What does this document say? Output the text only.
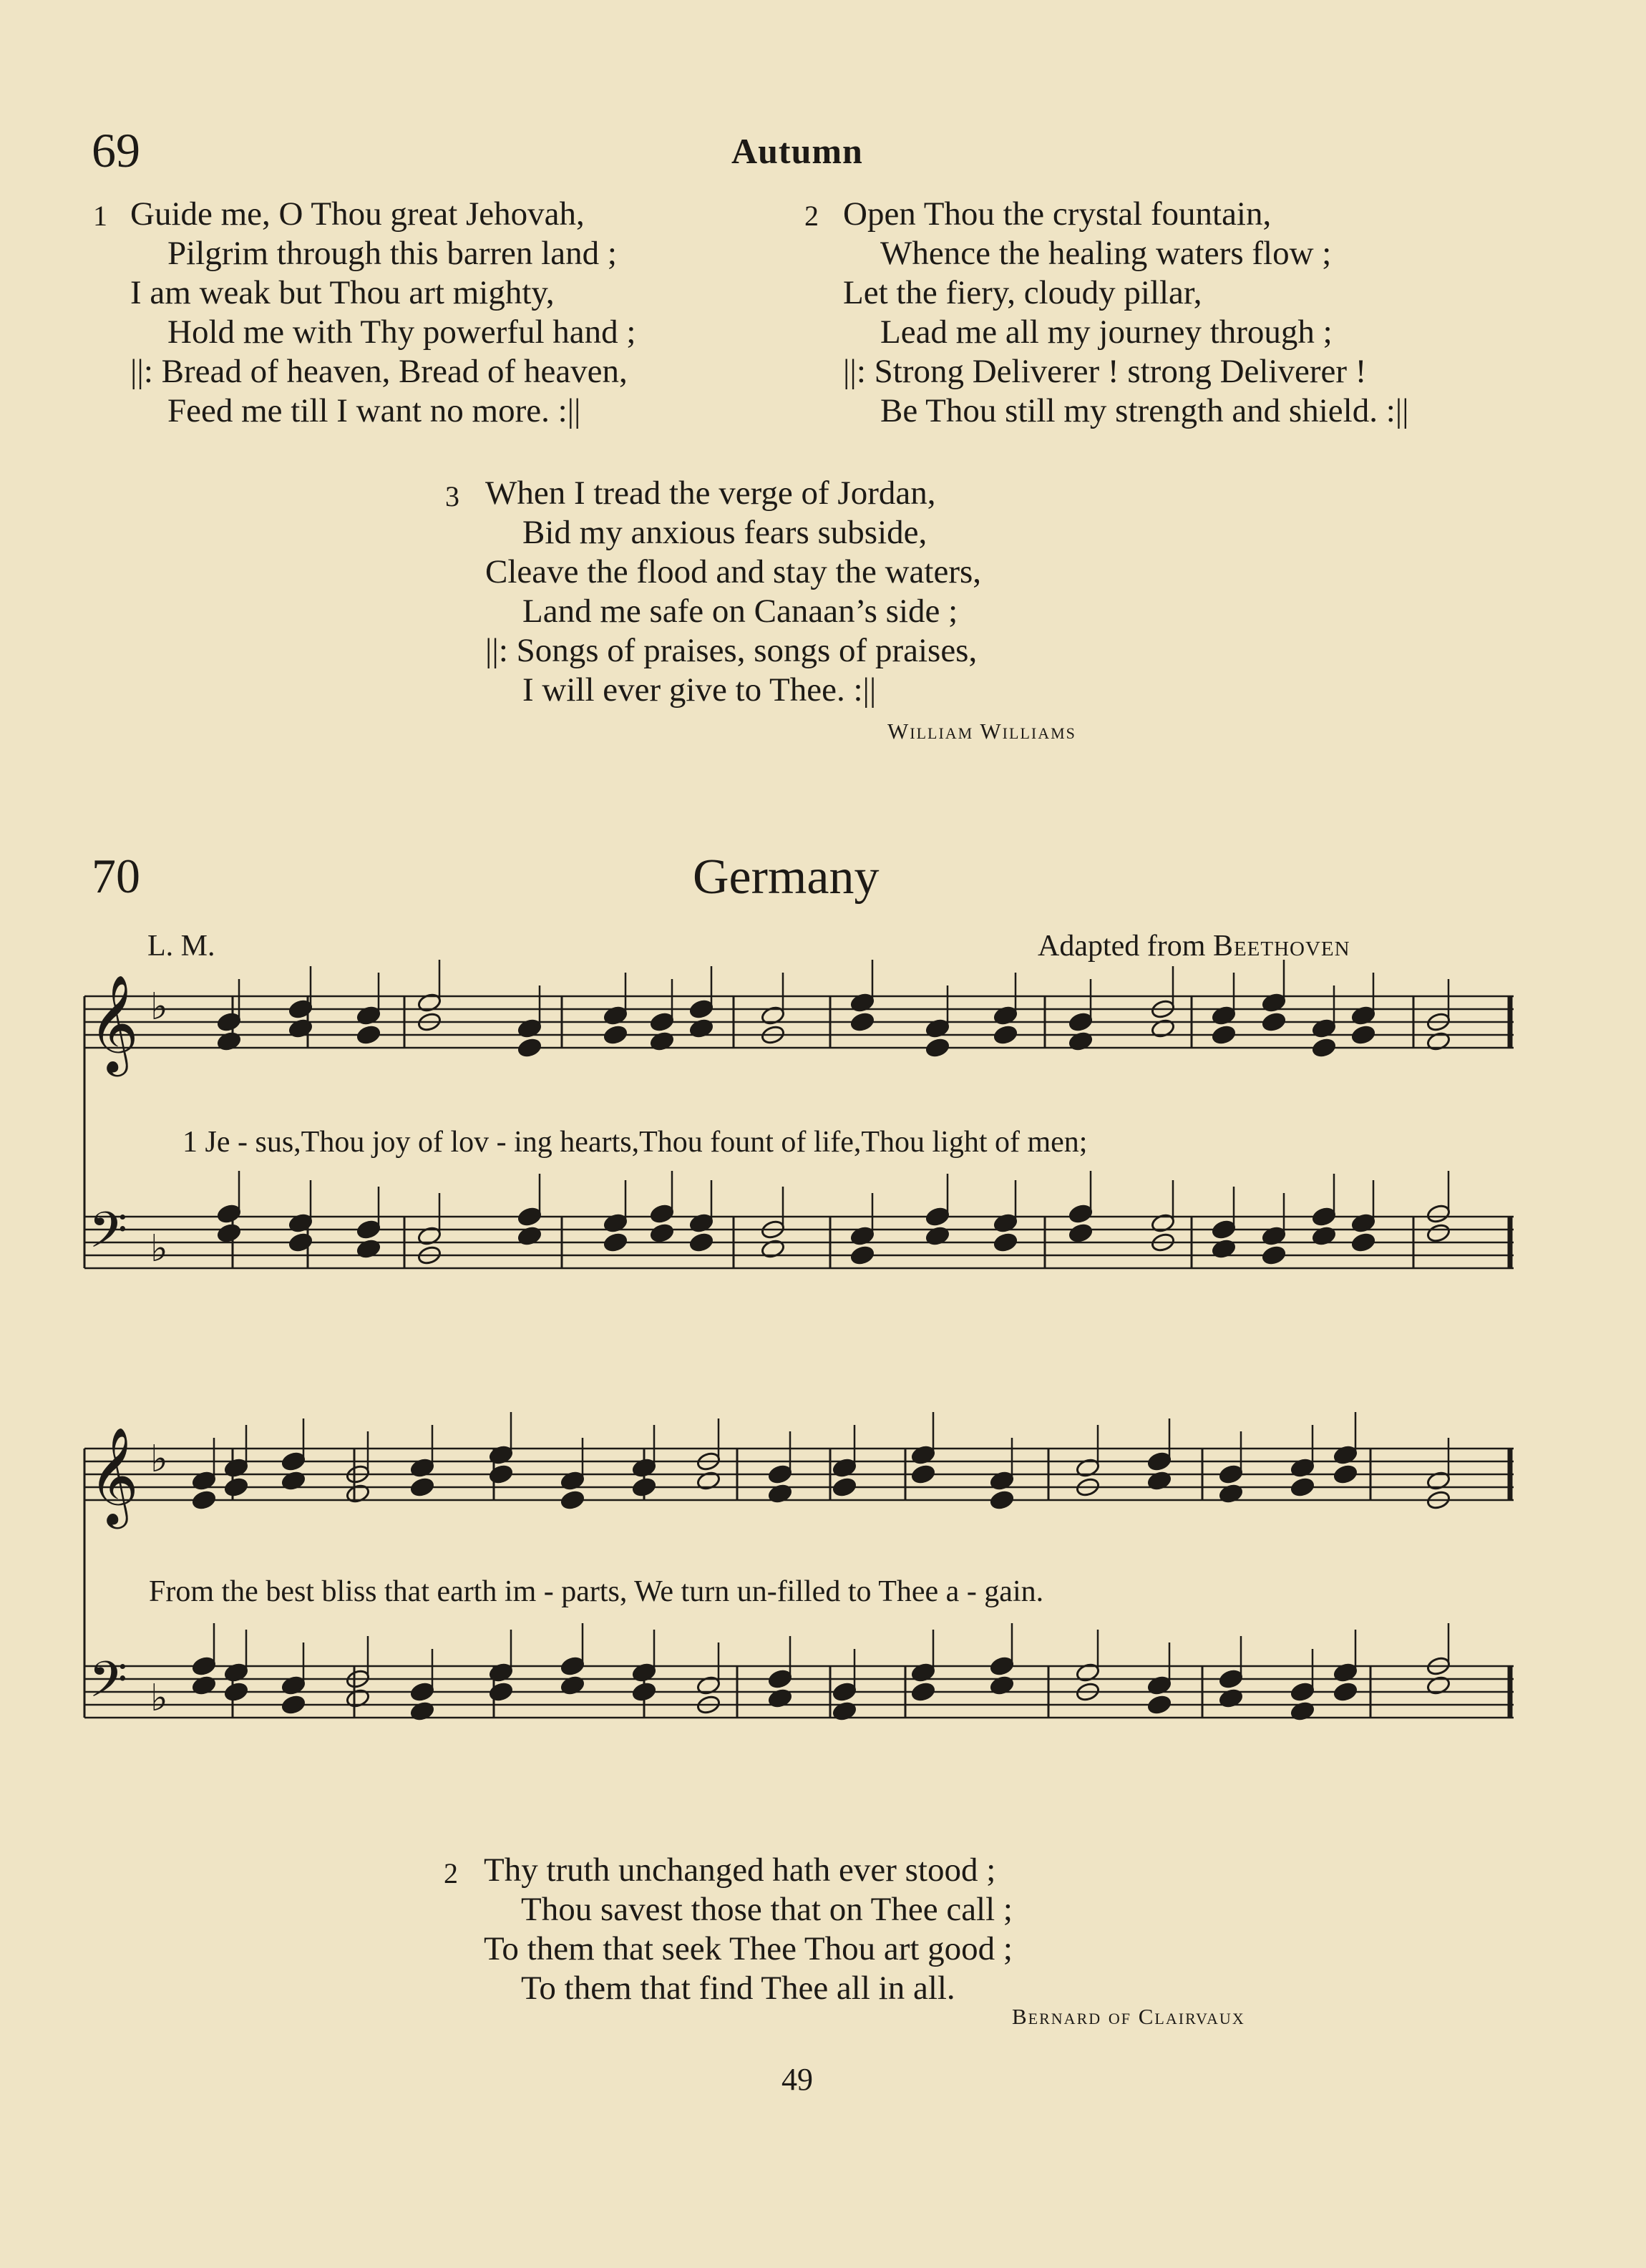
69	Autumn
1 Guide me, O Thou great Jehovah,
Pilgrim through this barren land ;
I am weak but Thou art mighty,
Hold me with Thy powerful hand ;
||: Bread of heaven, Bread of heaven,
Feed me till I want no more. :||
2 Open Thou the crystal fountain,
Whence the healing waters flow ;
Let the fiery, cloudy pillar,
Lead me all my journey through ;
||: Strong Deliverer ! strong Deliverer !
Be Thou still my strength and shield. :||
3 When I tread the verge of Jordan,
Bid my anxious fears subside,
Cleave the flood and stay the waters,
Land me safe on Canaan’s side ;
||: Songs of praises, songs of praises,
I will ever give to Thee. :||
William Williams
70	Germany
L. M.	Adapted from Beethoven
𝄞 ♭
𝄢 ♭
𝄞 ♭
𝄢 ♭
1 Je - sus,Thou joy of lov - ing hearts,Thou fount of life,Thou light of men;
From the best bliss that earth im - parts, We turn un-filled to Thee a - gain.
2 Thy truth unchanged hath ever stood ;
Thou savest those that on Thee call ;
To them that seek Thee Thou art good ;
To them that find Thee all in all.
Bernard of Clairvaux
49
